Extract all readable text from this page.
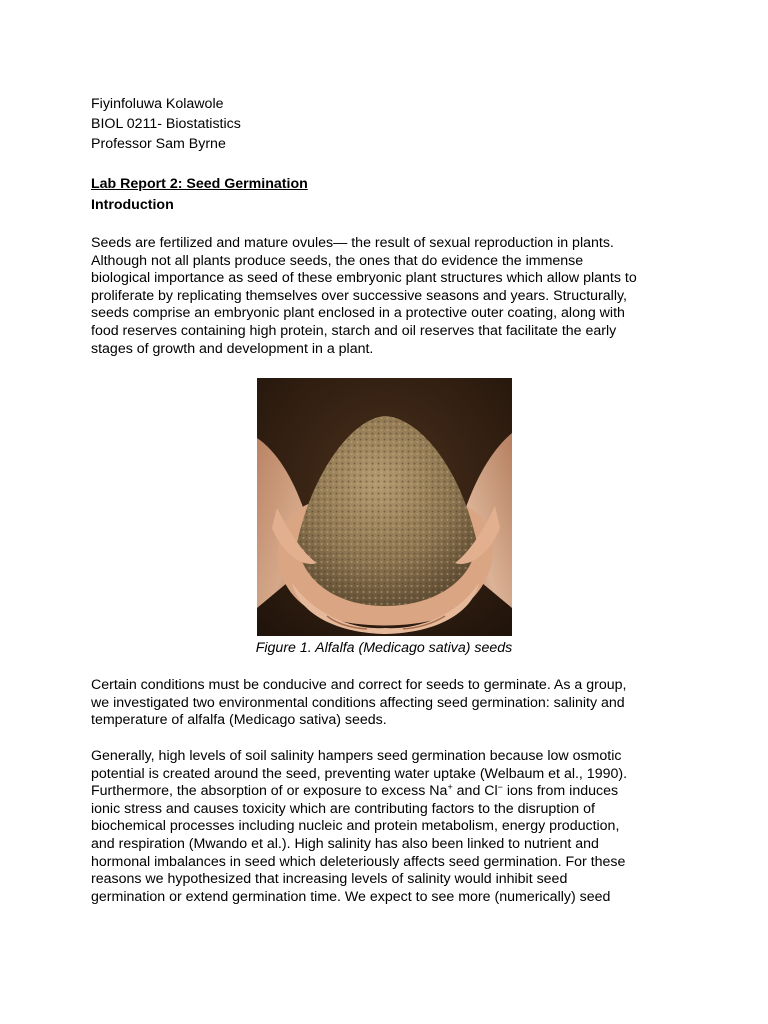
Fiyinfoluwa Kolawole
BIOL 0211- Biostatistics
Professor Sam Byrne
Lab Report 2: Seed Germination
Introduction
Seeds are fertilized and mature ovules— the result of sexual reproduction in plants.
Although not all plants produce seeds, the ones that do evidence the immense
biological importance as seed of these embryonic plant structures which allow plants to
proliferate by replicating themselves over successive seasons and years. Structurally,
seeds comprise an embryonic plant enclosed in a protective outer coating, along with
food reserves containing high protein, starch and oil reserves that facilitate the early
stages of growth and development in a plant.
Figure 1. Alfalfa (Medicago sativa) seeds
Certain conditions must be conducive and correct for seeds to germinate. As a group,
we investigated two environmental conditions affecting seed germination: salinity and
temperature of alfalfa (Medicago sativa) seeds.
Generally, high levels of soil salinity hampers seed germination because low osmotic
potential is created around the seed, preventing water uptake (Welbaum et al., 1990).
Furthermore, the absorption of or exposure to excess Na+ and Cl− ions from induces
ionic stress and causes toxicity which are contributing factors to the disruption of
biochemical processes including nucleic and protein metabolism, energy production,
and respiration (Mwando et al.). High salinity has also been linked to nutrient and
hormonal imbalances in seed which deleteriously affects seed germination. For these
reasons we hypothesized that increasing levels of salinity would inhibit seed
germination or extend germination time. We expect to see more (numerically) seed
